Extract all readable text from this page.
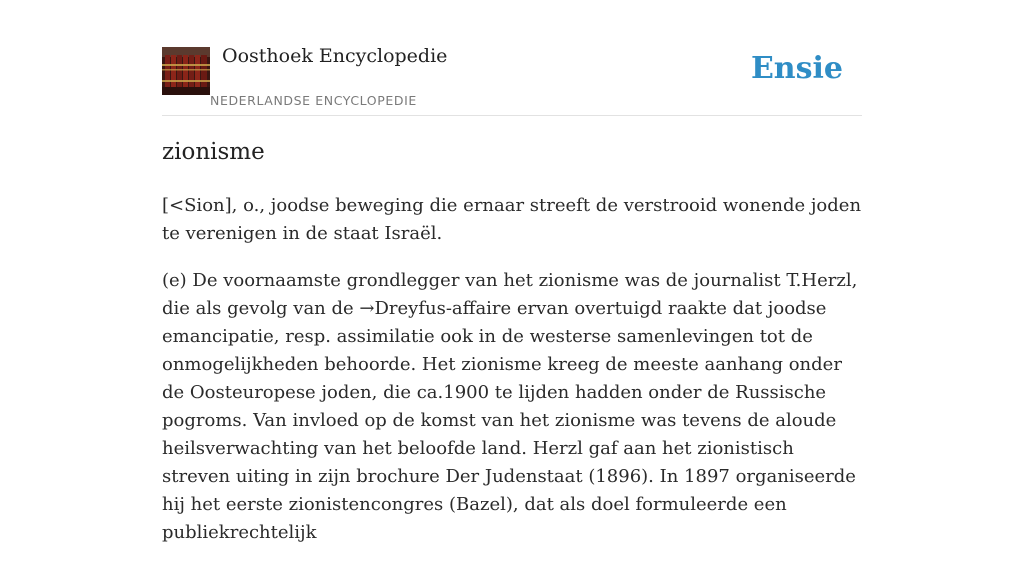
Oosthoek Encyclopedie
NEDERLANDSE ENCYCLOPEDIE
Ensie
zionisme

[<Sion], o., joodse beweging die ernaar streeft de verstrooid wonende joden te verenigen in de staat Israël.

(e) De voornaamste grondlegger van het zionisme was de journalist T.Herzl, die als gevolg van de →Dreyfus-affaire ervan overtuigd raakte dat joodse emancipatie, resp. assimilatie ook in de westerse samenlevingen tot de onmogelijkheden behoorde. Het zionisme kreeg de meeste aanhang onder de Oosteuropese joden, die ca.1900 te lijden hadden onder de Russische pogroms. Van invloed op de komst van het zionisme was tevens de aloude heilsverwachting van het beloofde land. Herzl gaf aan het zionistisch streven uiting in zijn brochure Der Judenstaat (1896). In 1897 organiseerde hij het eerste zionistencongres (Bazel), dat als doel formuleerde een publiekrechtelijk
